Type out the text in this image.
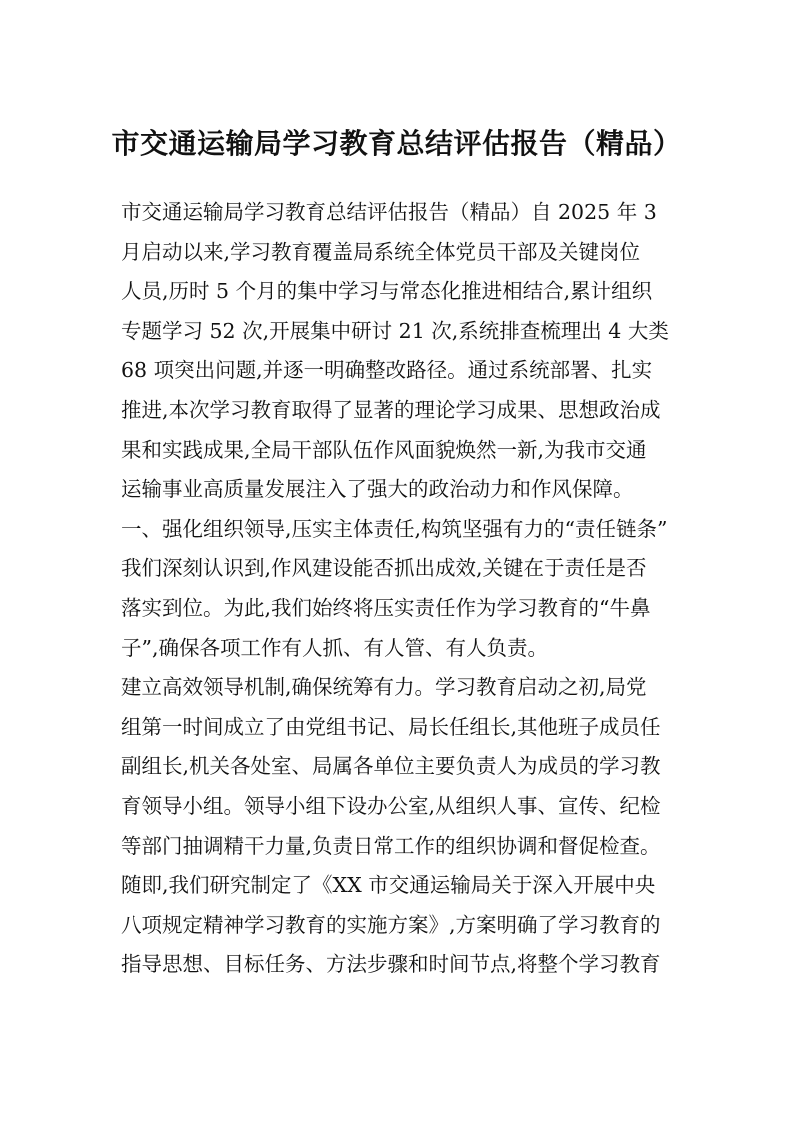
市交通运输局学习教育总结评估报告（精品）

市交通运输局学习教育总结评估报告（精品）自 2025 年 3
月启动以来,学习教育覆盖局系统全体党员干部及关键岗位
人员,历时 5 个月的集中学习与常态化推进相结合,累计组织
专题学习 52 次,开展集中研讨 21 次,系统排查梳理出 4 大类
68 项突出问题,并逐一明确整改路径。通过系统部署、扎实
推进,本次学习教育取得了显著的理论学习成果、思想政治成
果和实践成果,全局干部队伍作风面貌焕然一新,为我市交通
运输事业高质量发展注入了强大的政治动力和作风保障。

一、强化组织领导,压实主体责任,构筑坚强有力的“责任链条”

我们深刻认识到,作风建设能否抓出成效,关键在于责任是否
落实到位。为此,我们始终将压实责任作为学习教育的“牛鼻
子”,确保各项工作有人抓、有人管、有人负责。

建立高效领导机制,确保统筹有力。学习教育启动之初,局党
组第一时间成立了由党组书记、局长任组长,其他班子成员任
副组长,机关各处室、局属各单位主要负责人为成员的学习教
育领导小组。领导小组下设办公室,从组织人事、宣传、纪检
等部门抽调精干力量,负责日常工作的组织协调和督促检查。
随即,我们研究制定了《XX 市交通运输局关于深入开展中央
八项规定精神学习教育的实施方案》,方案明确了学习教育的
指导思想、目标任务、方法步骤和时间节点,将整个学习教育
